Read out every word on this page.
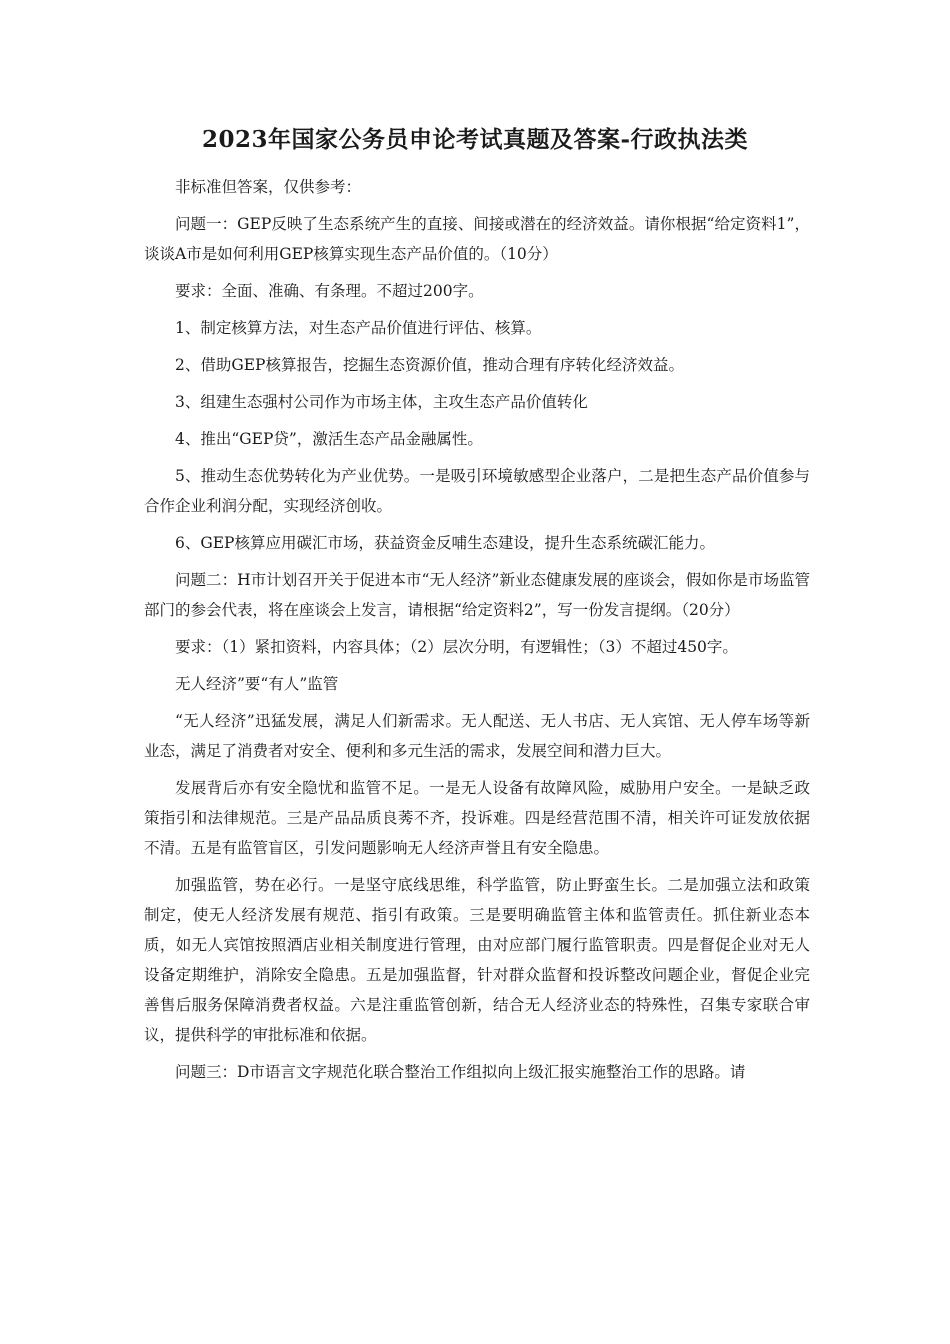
2023年国家公务员申论考试真题及答案-行政执法类

非标准但答案，仅供参考：

问题一：GEP反映了生态系统产生的直接、间接或潜在的经济效益。请你根据“给定资料1”，谈谈A市是如何利用GEP核算实现生态产品价值的。（10分）

要求：全面、准确、有条理。不超过200字。

1、制定核算方法，对生态产品价值进行评估、核算。

2、借助GEP核算报告，挖掘生态资源价值，推动合理有序转化经济效益。

3、组建生态强村公司作为市场主体，主攻生态产品价值转化

4、推出“GEP贷”，激活生态产品金融属性。

5、推动生态优势转化为产业优势。一是吸引环境敏感型企业落户，二是把生态产品价值参与合作企业利润分配，实现经济创收。

6、GEP核算应用碳汇市场，获益资金反哺生态建设，提升生态系统碳汇能力。

问题二：H市计划召开关于促进本市“无人经济”新业态健康发展的座谈会，假如你是市场监管部门的参会代表，将在座谈会上发言，请根据“给定资料2”，写一份发言提纲。（20分）

要求：（1）紧扣资料，内容具体；（2）层次分明，有逻辑性；（3）不超过450字。

无人经济”要“有人”监管

“无人经济”迅猛发展，满足人们新需求。无人配送、无人书店、无人宾馆、无人停车场等新业态，满足了消费者对安全、便利和多元生活的需求，发展空间和潜力巨大。

发展背后亦有安全隐忧和监管不足。一是无人设备有故障风险，威胁用户安全。一是缺乏政策指引和法律规范。三是产品品质良莠不齐，投诉难。四是经营范围不清，相关许可证发放依据不清。五是有监管盲区，引发问题影响无人经济声誉且有安全隐患。

加强监管，势在必行。一是坚守底线思维，科学监管，防止野蛮生长。二是加强立法和政策制定，使无人经济发展有规范、指引有政策。三是要明确监管主体和监管责任。抓住新业态本质，如无人宾馆按照酒店业相关制度进行管理，由对应部门履行监管职责。四是督促企业对无人设备定期维护，消除安全隐患。五是加强监督，针对群众监督和投诉整改问题企业，督促企业完善售后服务保障消费者权益。六是注重监管创新，结合无人经济业态的特殊性，召集专家联合审议，提供科学的审批标准和依据。

问题三：D市语言文字规范化联合整治工作组拟向上级汇报实施整治工作的思路。请
